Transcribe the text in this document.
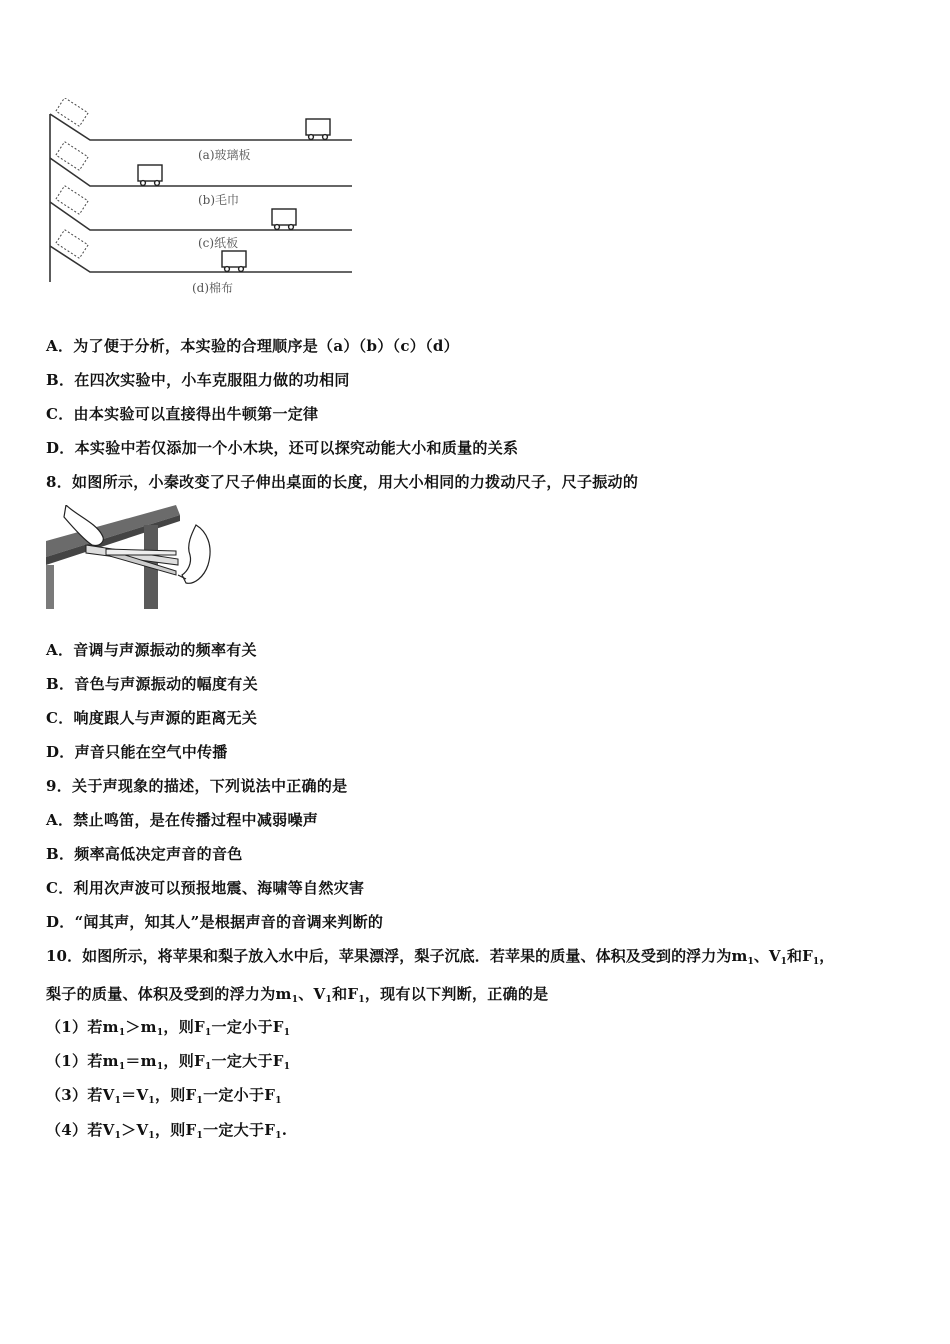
(a)玻璃板
(b)毛巾
(c)纸板
(d)棉布
A．为了便于分析，本实验的合理顺序是（a）（b）（c）（d）
B．在四次实验中，小车克服阻力做的功相同
C．由本实验可以直接得出牛顿第一定律
D．本实验中若仅添加一个小木块，还可以探究动能大小和质量的关系
8．如图所示，小秦改变了尺子伸出桌面的长度，用大小相同的力拨动尺子，尺子振动的
A．音调与声源振动的频率有关
B．音色与声源振动的幅度有关
C．响度跟人与声源的距离无关
D．声音只能在空气中传播
9．关于声现象的描述，下列说法中正确的是
A．禁止鸣笛，是在传播过程中减弱噪声
B．频率高低决定声音的音色
C．利用次声波可以预报地震、海啸等自然灾害
D．“闻其声，知其人”是根据声音的音调来判断的
10．如图所示，将苹果和梨子放入水中后，苹果漂浮，梨子沉底．若苹果的质量、体积及受到的浮力为$m_1$、$V_1$和$F_1$，
梨子的质量、体积及受到的浮力为$m_1$、$V_1$和$F_1$，现有以下判断，正确的是
（1）若$m_1>m_1$，则$F_1$一定小于$F_1$
（1）若$m_1=m_1$，则$F_1$一定大于$F_1$
（3）若$V_1=V_1$，则$F_1$一定小于$F_1$
（4）若$V_1>V_1$，则$F_1$一定大于$F_1$.
